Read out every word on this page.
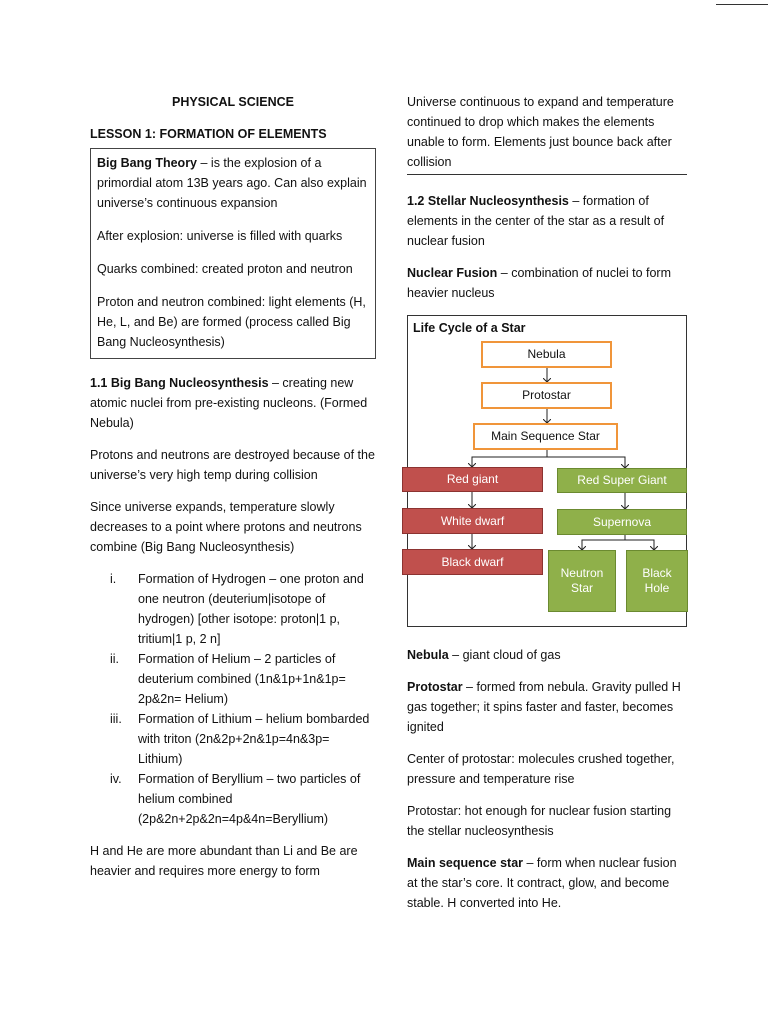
PHYSICAL SCIENCE
LESSON 1: FORMATION OF ELEMENTS

Big Bang Theory – is the explosion of a primordial atom 13B years ago. Can also explain universe’s continuous expansion

After explosion: universe is filled with quarks

Quarks combined: created proton and neutron

Proton and neutron combined: light elements (H, He, L, and Be) are formed (process called Big Bang Nucleosynthesis)

1.1 Big Bang Nucleosynthesis – creating new atomic nuclei from pre-existing nucleons. (Formed Nebula)

Protons and neutrons are destroyed because of the universe’s very high temp during collision

Since universe expands, temperature slowly decreases to a point where protons and neutrons combine (Big Bang Nucleosynthesis)

i. Formation of Hydrogen – one proton and one neutron (deuterium|isotope of hydrogen) [other isotope: proton|1 p, tritium|1 p, 2 n]
ii. Formation of Helium – 2 particles of deuterium combined (1n&1p+1n&1p= 2p&2n= Helium)
iii. Formation of Lithium – helium bombarded with triton (2n&2p+2n&1p=4n&3p= Lithium)
iv. Formation of Beryllium – two particles of helium combined (2p&2n+2p&2n=4p&4n=Beryllium)

H and He are more abundant than Li and Be are heavier and requires more energy to form

Universe continuous to expand and temperature continued to drop which makes the elements unable to form. Elements just bounce back after collision

1.2 Stellar Nucleosynthesis – formation of elements in the center of the star as a result of nuclear fusion

Nuclear Fusion – combination of nuclei to form heavier nucleus

Life Cycle of a Star
Nebula
Protostar
Main Sequence Star
Red giant
White dwarf
Black dwarf
Red Super Giant
Supernova
Neutron Star
Black Hole

Nebula – giant cloud of gas

Protostar – formed from nebula. Gravity pulled H gas together; it spins faster and faster, becomes ignited

Center of protostar: molecules crushed together, pressure and temperature rise

Protostar: hot enough for nuclear fusion starting the stellar nucleosynthesis

Main sequence star – form when nuclear fusion at the star’s core. It contract, glow, and become stable. H converted into He.
